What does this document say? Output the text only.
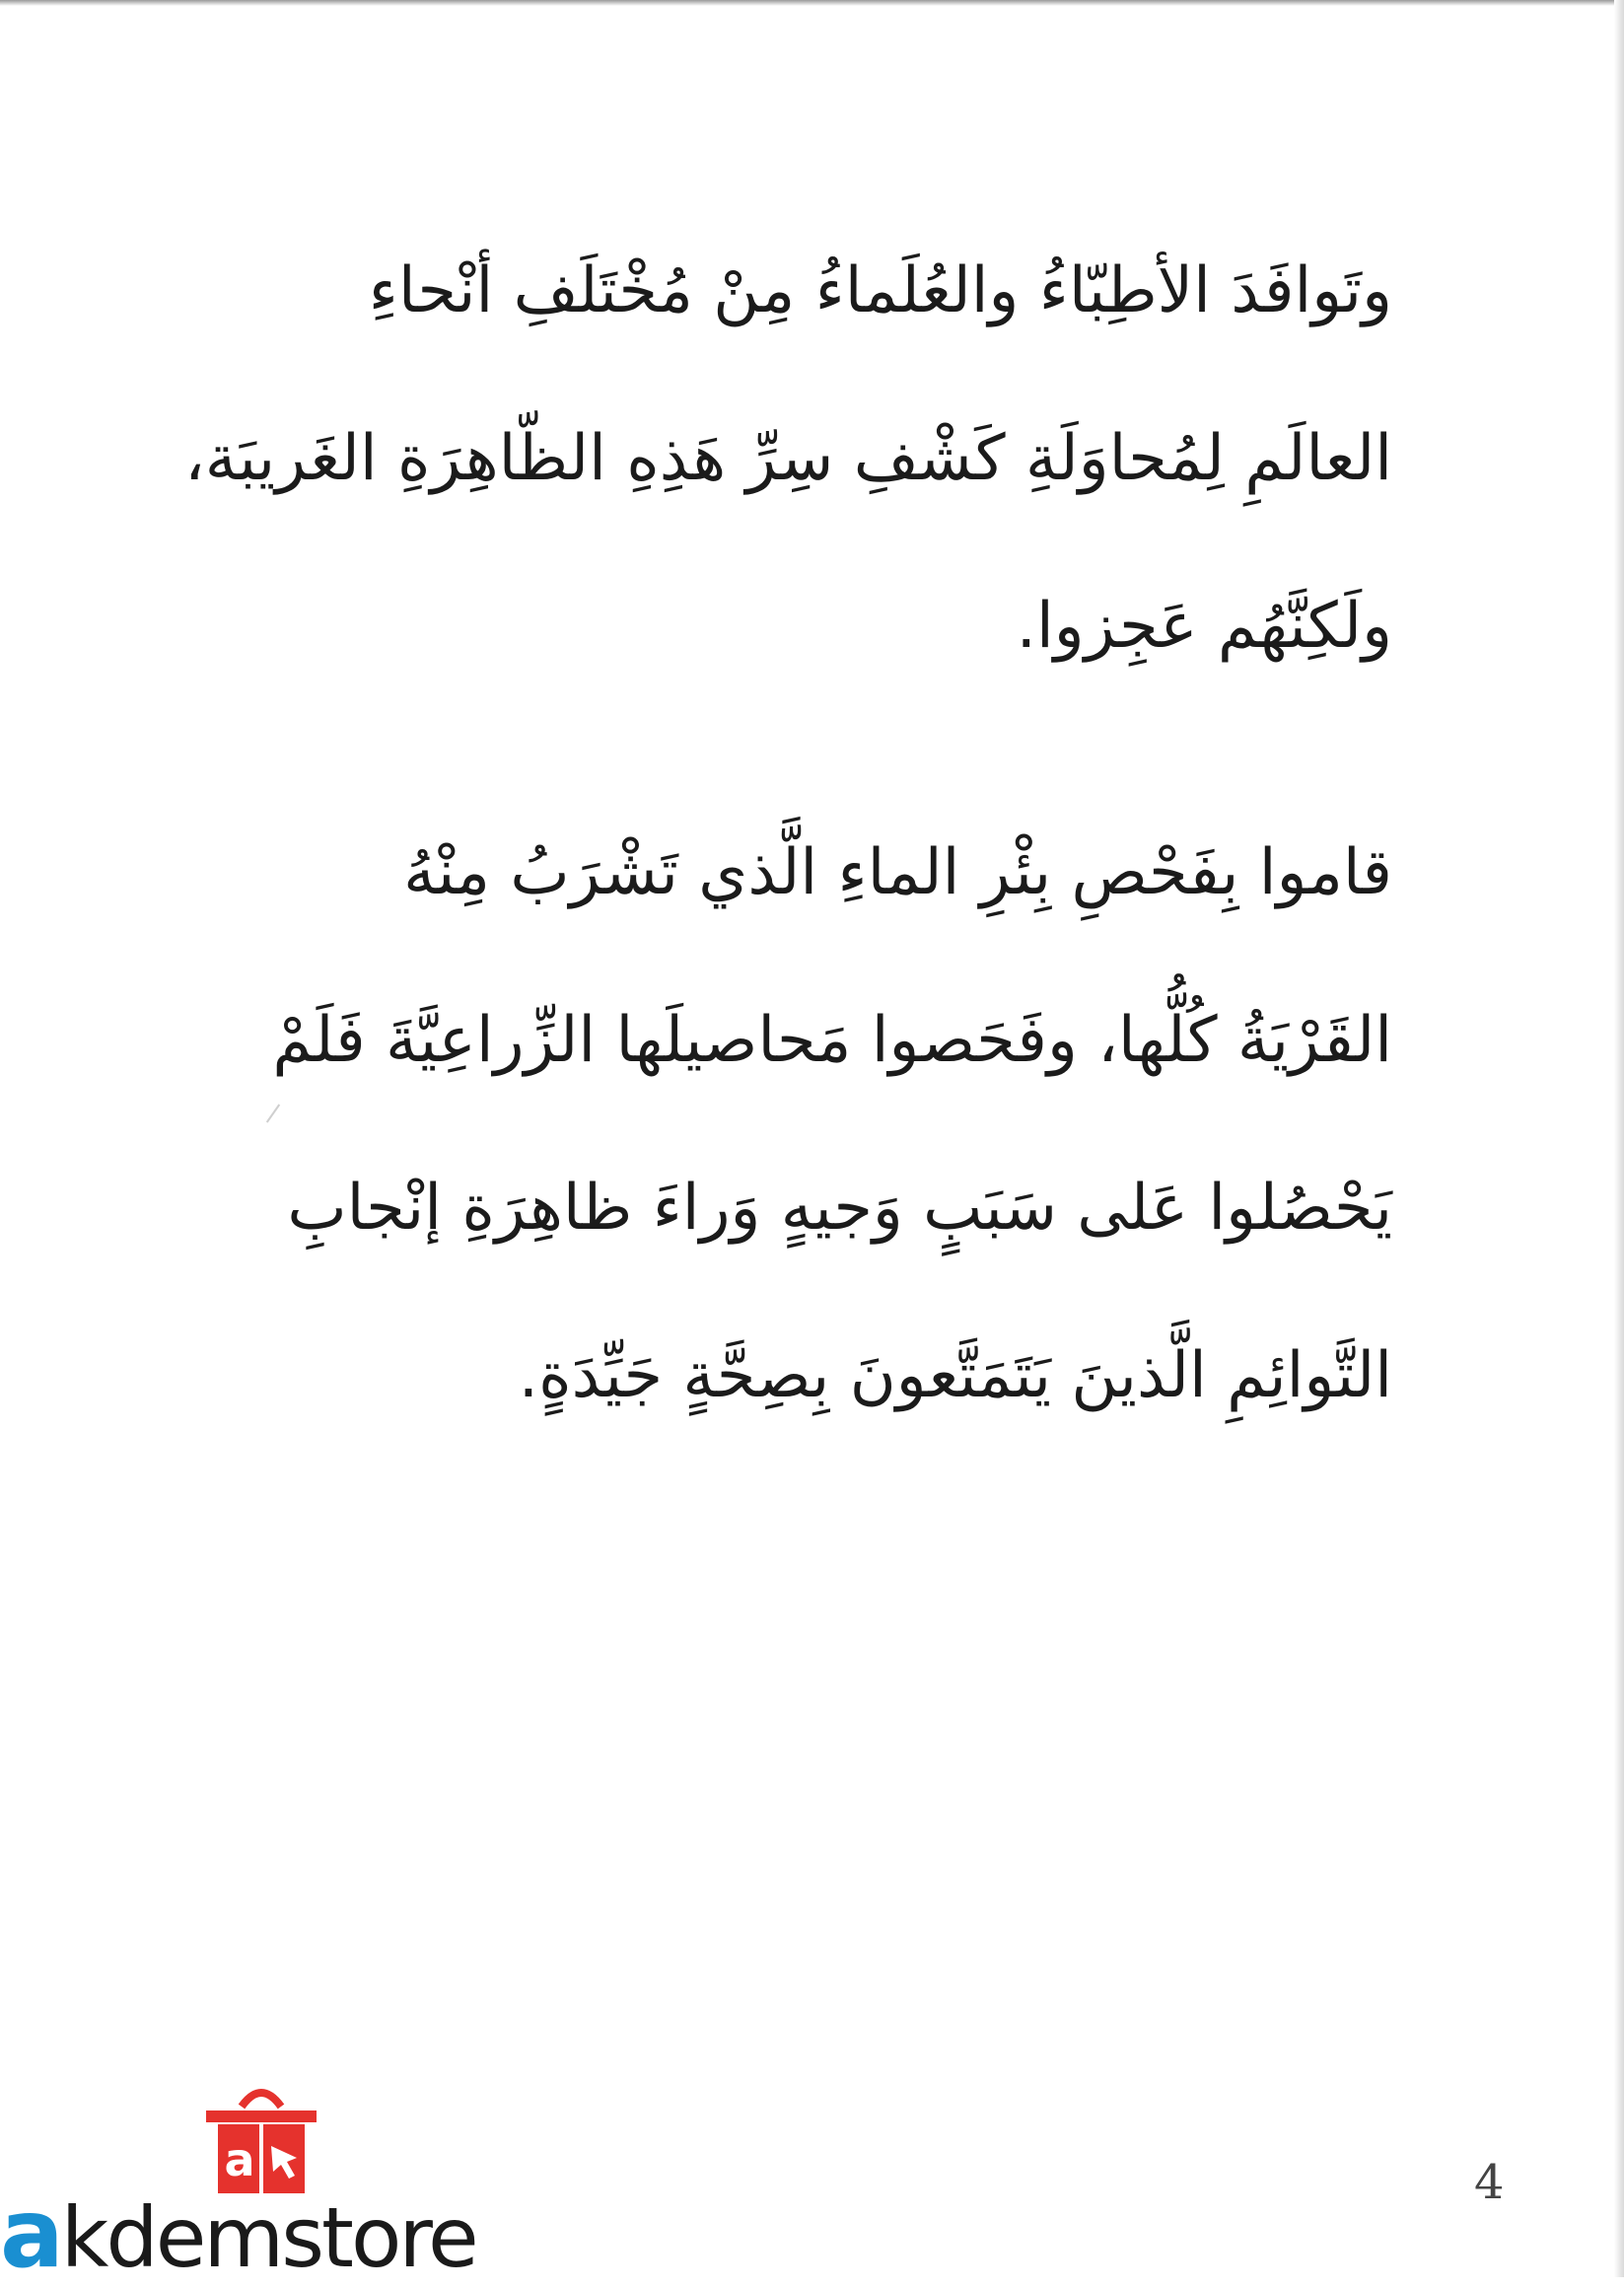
وتَوافَدَ الأطِبّاءُ والعُلَماءُ مِنْ مُخْتَلَفِ أنْحاءِ
العالَمِ لِمُحاوَلَةِ كَشْفِ سِرِّ هَذِهِ الظّاهِرَةِ الغَريبَة،
ولَكِنَّهُم عَجِزوا.
قاموا بِفَحْصِ بِئْرِ الماءِ الَّذي تَشْرَبُ مِنْهُ
القَرْيَةُ كُلُّها، وفَحَصوا مَحاصيلَها الزِّراعِيَّةَ فَلَمْ
يَحْصُلوا عَلى سَبَبٍ وَجيهٍ وَراءَ ظاهِرَةِ إنْجابِ
التَّوائِمِ الَّذينَ يَتَمَتَّعونَ بِصِحَّةٍ جَيِّدَةٍ.
4
a
akdemstore
